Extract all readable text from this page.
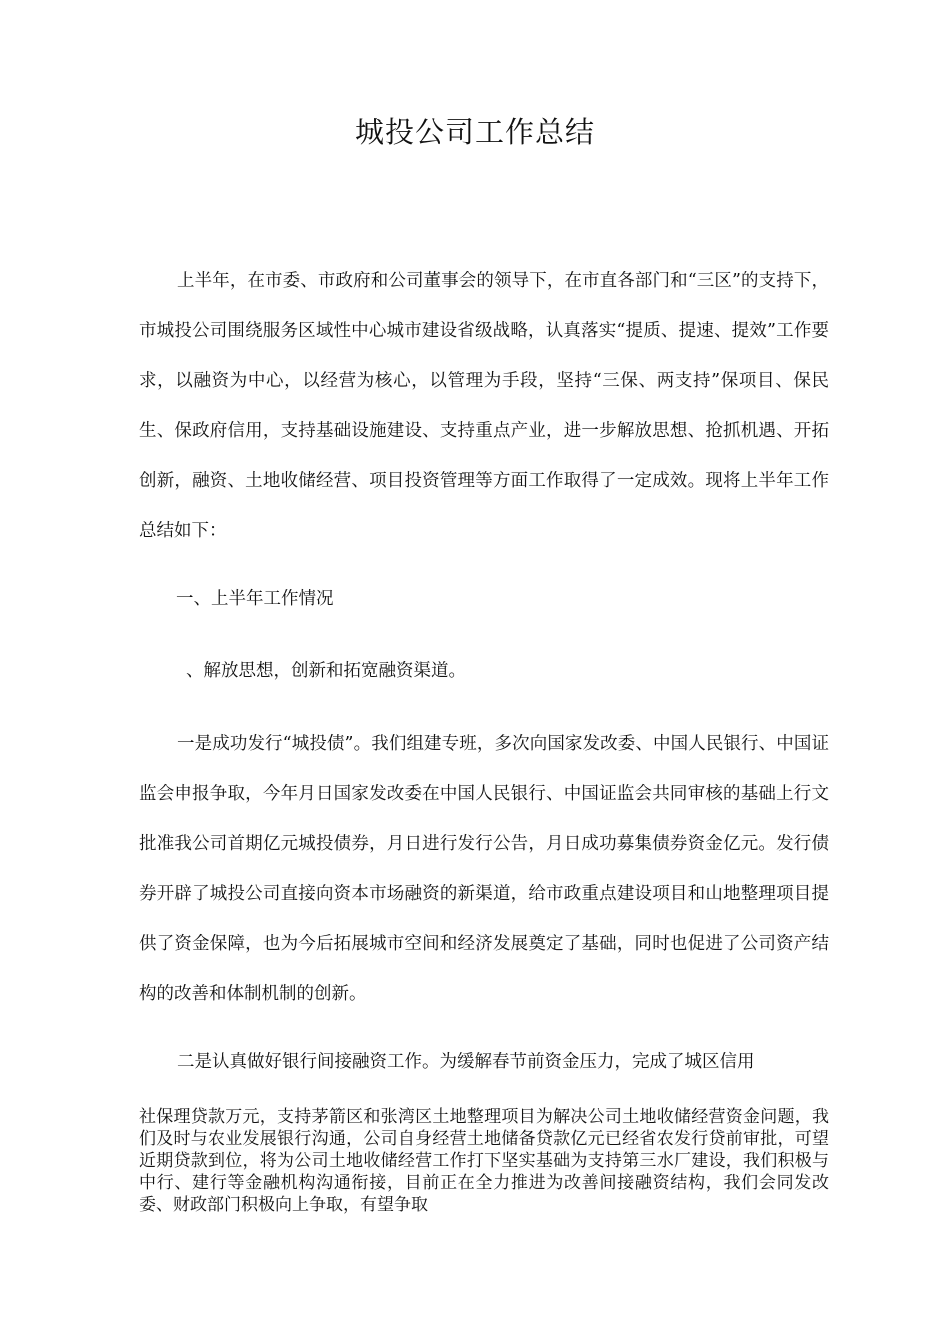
城投公司工作总结

上半年，在市委、市政府和公司董事会的领导下，在市直各部门和“三区”的支持下，市城投公司围绕服务区域性中心城市建设省级战略，认真落实“提质、提速、提效”工作要求，以融资为中心，以经营为核心，以管理为手段，坚持“三保、两支持”保项目、保民生、保政府信用，支持基础设施建设、支持重点产业，进一步解放思想、抢抓机遇、开拓创新，融资、土地收储经营、项目投资管理等方面工作取得了一定成效。现将上半年工作总结如下：

一、上半年工作情况

、解放思想，创新和拓宽融资渠道。

一是成功发行“城投债”。我们组建专班，多次向国家发改委、中国人民银行、中国证监会申报争取，今年月日国家发改委在中国人民银行、中国证监会共同审核的基础上行文批准我公司首期亿元城投债券，月日进行发行公告，月日成功募集债券资金亿元。发行债券开辟了城投公司直接向资本市场融资的新渠道，给市政重点建设项目和山地整理项目提供了资金保障，也为今后拓展城市空间和经济发展奠定了基础，同时也促进了公司资产结构的改善和体制机制的创新。

二是认真做好银行间接融资工作。为缓解春节前资金压力，完成了城区信用

社保理贷款万元，支持茅箭区和张湾区土地整理项目为解决公司土地收储经营资金问题，我们及时与农业发展银行沟通，公司自身经营土地储备贷款亿元已经省农发行贷前审批，可望近期贷款到位，将为公司土地收储经营工作打下坚实基础为支持第三水厂建设，我们积极与中行、建行等金融机构沟通衔接，目前正在全力推进为改善间接融资结构，我们会同发改委、财政部门积极向上争取，有望争取
